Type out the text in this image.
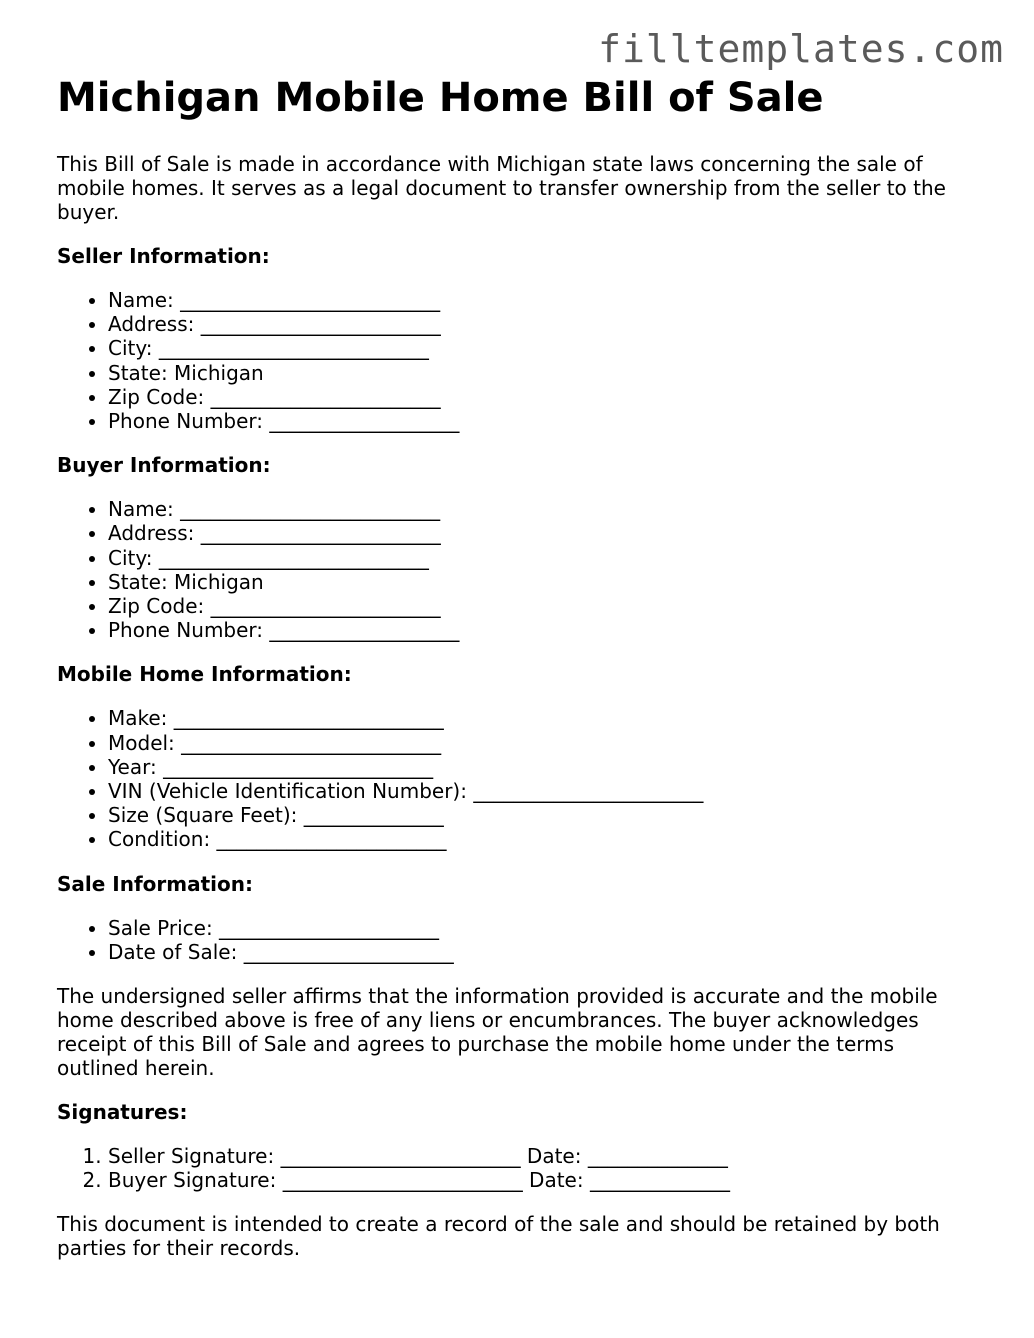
filltemplates.com
Michigan Mobile Home Bill of Sale

This Bill of Sale is made in accordance with Michigan state laws concerning the sale of mobile homes. It serves as a legal document to transfer ownership from the seller to the buyer.

Seller Information:
• Name: __________________________
• Address: ________________________
• City: ___________________________
• State: Michigan
• Zip Code: _______________________
• Phone Number: ___________________
Buyer Information:
• Name: __________________________
• Address: ________________________
• City: ___________________________
• State: Michigan
• Zip Code: _______________________
• Phone Number: ___________________
Mobile Home Information:
• Make: ___________________________
• Model: __________________________
• Year: ___________________________
• VIN (Vehicle Identification Number): _______________________
• Size (Square Feet): ______________
• Condition: _______________________
Sale Information:
• Sale Price: ______________________
• Date of Sale: _____________________

The undersigned seller affirms that the information provided is accurate and the mobile home described above is free of any liens or encumbrances. The buyer acknowledges receipt of this Bill of Sale and agrees to purchase the mobile home under the terms outlined herein.

Signatures:
1. Seller Signature: ________________________ Date: ______________
2. Buyer Signature: ________________________ Date: ______________

This document is intended to create a record of the sale and should be retained by both parties for their records.
